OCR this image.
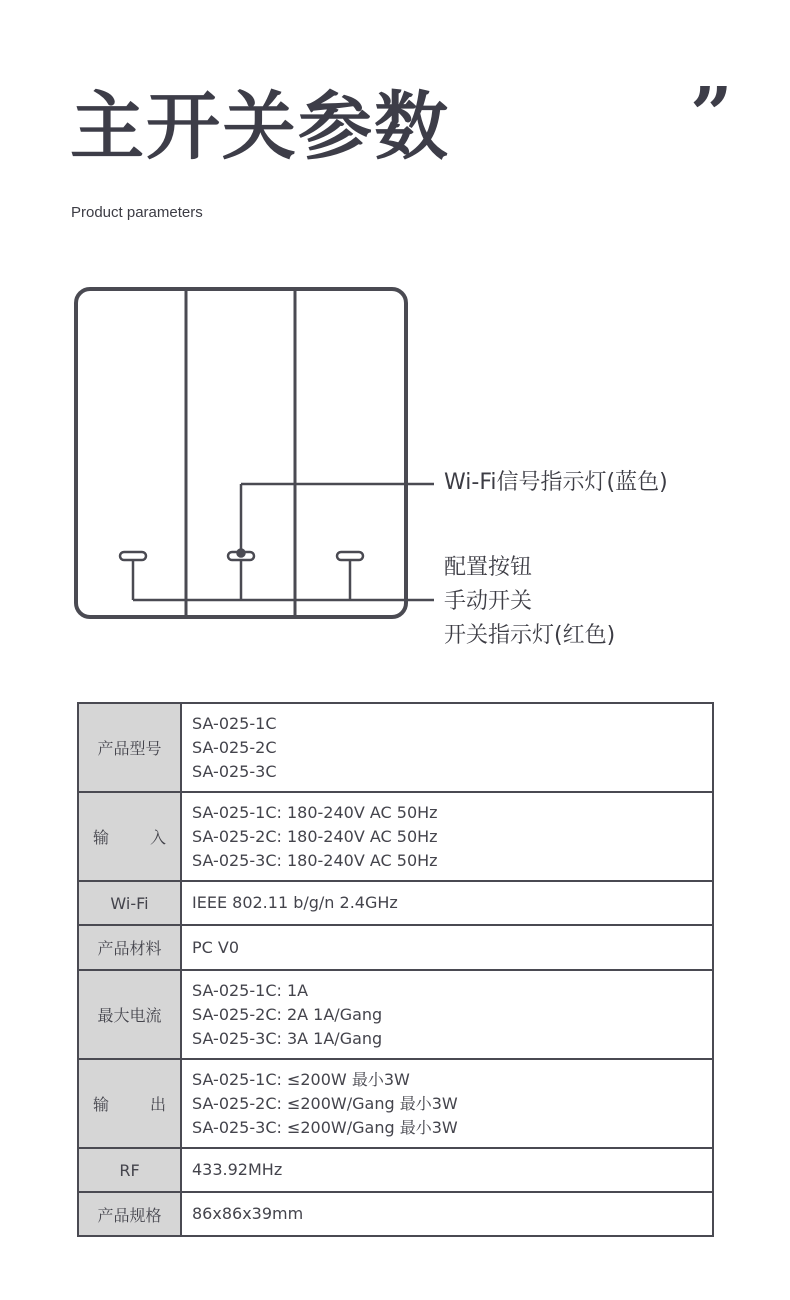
主开关参数	”
Product parameters
Wi-Fi信号指示灯(蓝色)
配置按钮
手动开关
开关指示灯(红色)
产品型号	SA-025-1C
SA-025-2C
SA-025-3C

输 入	SA-025-1C: 180-240V AC 50Hz
SA-025-2C: 180-240V AC 50Hz
SA-025-3C: 180-240V AC 50Hz

Wi-Fi	IEEE 802.11 b/g/n 2.4GHz

产品材料	PC V0

最大电流	SA-025-1C: 1A
SA-025-2C: 2A 1A/Gang
SA-025-3C: 3A 1A/Gang

输 出	SA-025-1C: ≤200W 最小3W
SA-025-2C: ≤200W/Gang 最小3W
SA-025-3C: ≤200W/Gang 最小3W

RF	433.92MHz

产品规格	86x86x39mm
